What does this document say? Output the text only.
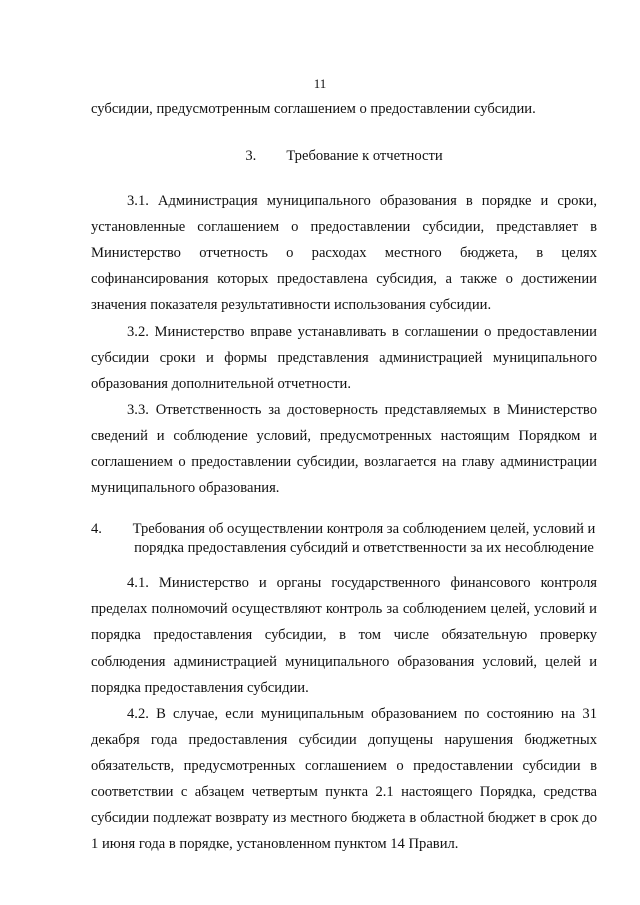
11

субсидии, предусмотренным соглашением о предоставлении субсидии.

3. Требование к отчетности

3.1. Администрация муниципального образования в порядке и сроки, установленные соглашением о предоставлении субсидии, представляет в Министерство отчетность о расходах местного бюджета, в целях софинансирования которых предоставлена субсидия, а также о достижении значения показателя результативности использования субсидии.

3.2. Министерство вправе устанавливать в соглашении о предоставлении субсидии сроки и формы представления администрацией муниципального образования дополнительной отчетности.

3.3. Ответственность за достоверность представляемых в Министерство сведений и соблюдение условий, предусмотренных настоящим Порядком и соглашением о предоставлении субсидии, возлагается на главу администрации муниципального образования.

4.	Требования об осуществлении контроля за соблюдением целей, условий и порядка предоставления субсидий и ответственности за их несоблюдение

4.1. Министерство и органы государственного финансового контроля пределах полномочий осуществляют контроль за соблюдением целей, условий и порядка предоставления субсидии, в том числе обязательную проверку соблюдения администрацией муниципального образования условий, целей и порядка предоставления субсидии.

4.2. В случае, если муниципальным образованием по состоянию на 31 декабря года предоставления субсидии допущены нарушения бюджетных обязательств, предусмотренных соглашением о предоставлении субсидии в соответствии с абзацем четвертым пункта 2.1 настоящего Порядка, средства субсидии подлежат возврату из местного бюджета в областной бюджет в срок до 1 июня года в порядке, установленном пунктом 14 Правил.
